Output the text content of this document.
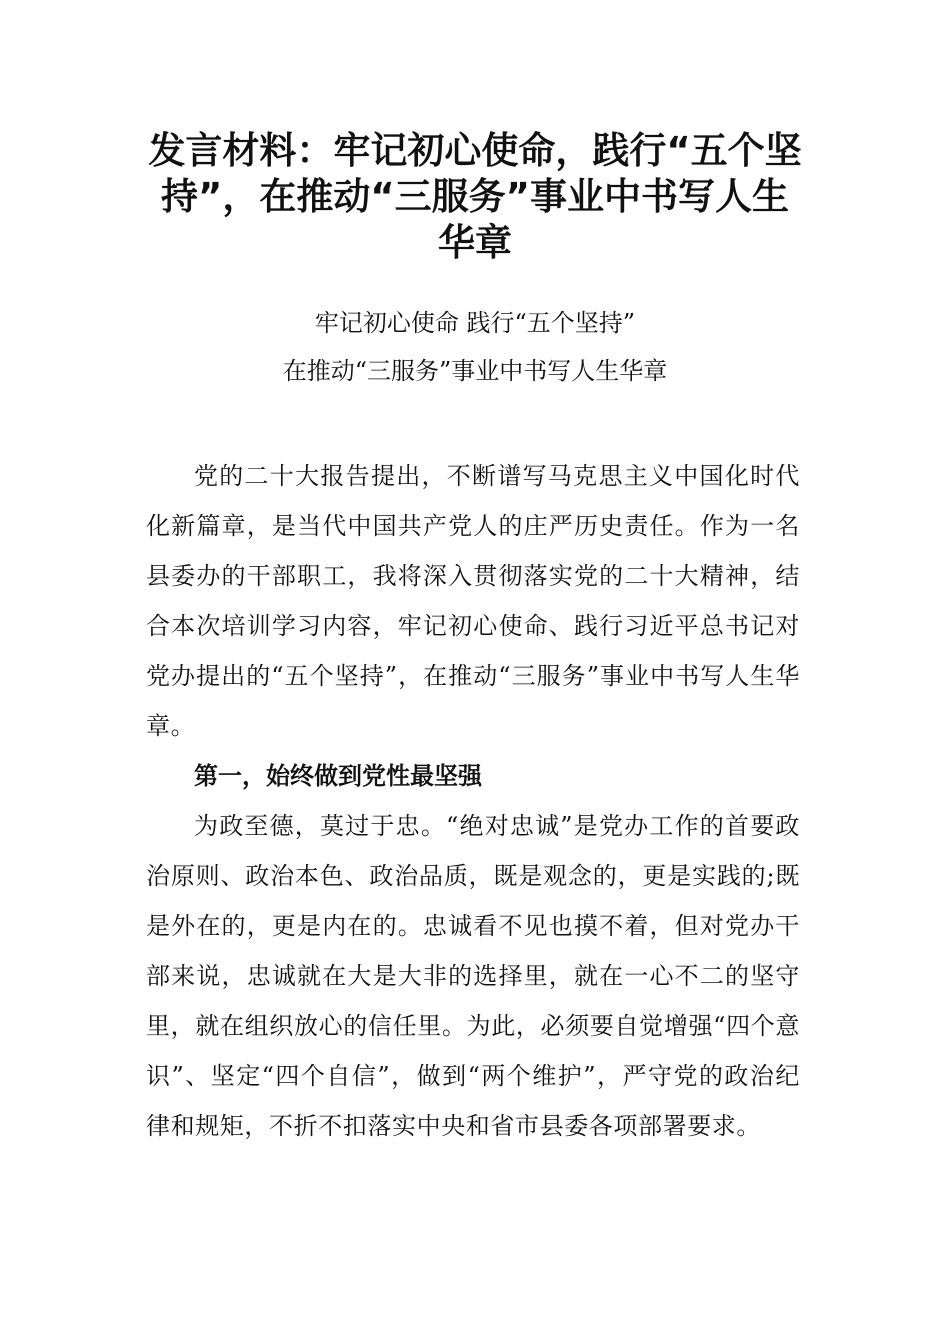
发言材料：牢记初心使命，践行“五个坚持”，在推动“三服务”事业中书写人生华章

牢记初心使命 践行“五个坚持”

在推动“三服务”事业中书写人生华章

党的二十大报告提出，不断谱写马克思主义中国化时代化新篇章，是当代中国共产党人的庄严历史责任。作为一名县委办的干部职工，我将深入贯彻落实党的二十大精神，结合本次培训学习内容，牢记初心使命、践行习近平总书记对党办提出的“五个坚持”，在推动“三服务”事业中书写人生华章。

第一，始终做到党性最坚强

为政至德，莫过于忠。“绝对忠诚”是党办工作的首要政治原则、政治本色、政治品质，既是观念的，更是实践的;既是外在的，更是内在的。忠诚看不见也摸不着，但对党办干部来说，忠诚就在大是大非的选择里，就在一心不二的坚守里，就在组织放心的信任里。为此，必须要自觉增强“四个意识”、坚定“四个自信”，做到“两个维护”，严守党的政治纪律和规矩，不折不扣落实中央和省市县委各项部署要求。
